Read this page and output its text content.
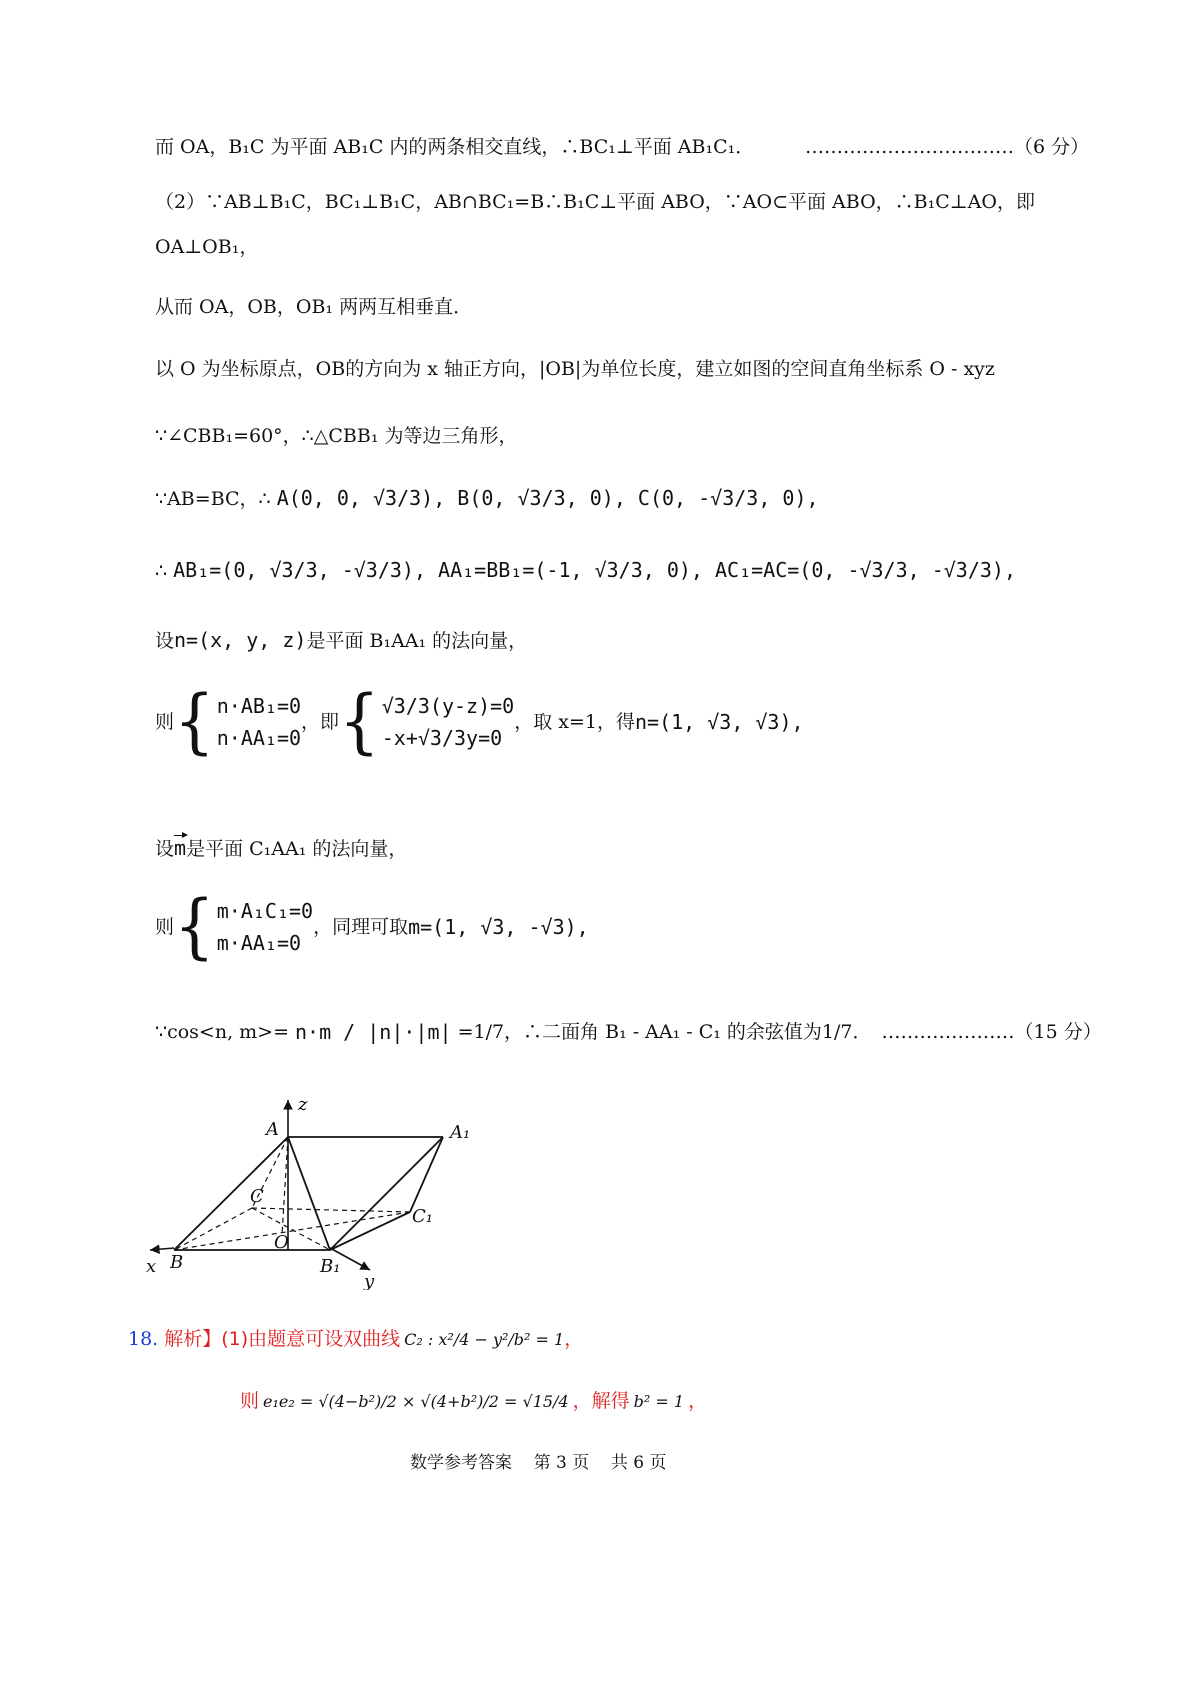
而 OA，B₁C 为平面 AB₁C 内的两条相交直线，∴BC₁⊥平面 AB₁C₁．	……………………………（6 分）
（2）∵AB⊥B₁C，BC₁⊥B₁C，AB∩BC₁=B∴B₁C⊥平面 ABO，∵AO⊂平面 ABO，∴B₁C⊥AO，即
OA⊥OB₁，
从而 OA，OB，OB₁ 两两互相垂直．
以 O 为坐标原点，OB的方向为 x 轴正方向，|OB|为单位长度，建立如图的空间直角坐标系 O - xyz
∵∠CBB₁=60°，∴△CBB₁ 为等边三角形，
∵AB=BC，∴ A(0, 0, √3/3), B(0, √3/3, 0), C(0, -√3/3, 0),
∴ AB₁=(0, √3/3, -√3/3), AA₁=BB₁=(-1, √3/3, 0), AC₁=AC=(0, -√3/3, -√3/3),
设n=(x, y, z)是平面 B₁AA₁ 的法向量，
则 { n·AB₁=0
n·AA₁=0
，即 { √3/3(y-z)=0
-x+√3/3y=0
，取 x=1，得 n=(1, √3, √3),
设m是平面 C₁AA₁ 的法向量，
则 { m·A₁C₁=0
m·AA₁=0
，同理可取 m=(1, √3, -√3),
∵cos<n, m>= n·m / |n|·|m| =1/7，∴二面角 B₁ - AA₁ - C₁ 的余弦值为1/7． …………………（15 分）
z
A	A₁
C
C₁
O
x B	B₁
y
18. 解析】(1)由题意可设双曲线 C₂ : x²/4 − y²/b² = 1 ，
则 e₁e₂ = √(4−b²)/2 × √(4+b²)/2 = √15/4 ，解得 b² = 1 ，
数学参考答案    第 3 页    共 6 页
